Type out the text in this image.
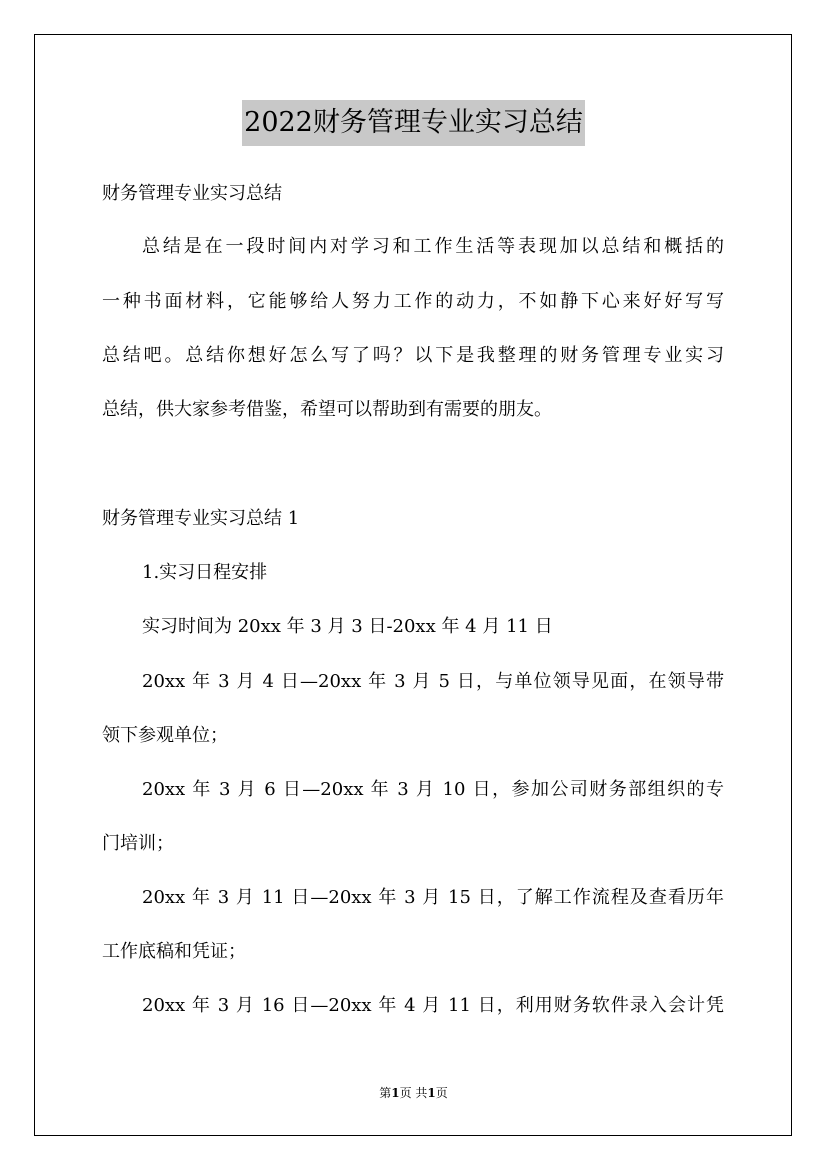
2022财务管理专业实习总结
财务管理专业实习总结
总结是在一段时间内对学习和工作生活等表现加以总结和概括的
一种书面材料，它能够给人努力工作的动力，不如静下心来好好写写
总结吧。总结你想好怎么写了吗？以下是我整理的财务管理专业实习
总结，供大家参考借鉴，希望可以帮助到有需要的朋友。
财务管理专业实习总结 1
1.实习日程安排
实习时间为 20xx 年 3 月 3 日-20xx 年 4 月 11 日
20xx 年 3 月 4 日—20xx 年 3 月 5 日，与单位领导见面，在领导带
领下参观单位；
20xx 年 3 月 6 日—20xx 年 3 月 10 日，参加公司财务部组织的专
门培训；
20xx 年 3 月 11 日—20xx 年 3 月 15 日，了解工作流程及查看历年
工作底稿和凭证；
20xx 年 3 月 16 日—20xx 年 4 月 11 日，利用财务软件录入会计凭
第1页 共1页
